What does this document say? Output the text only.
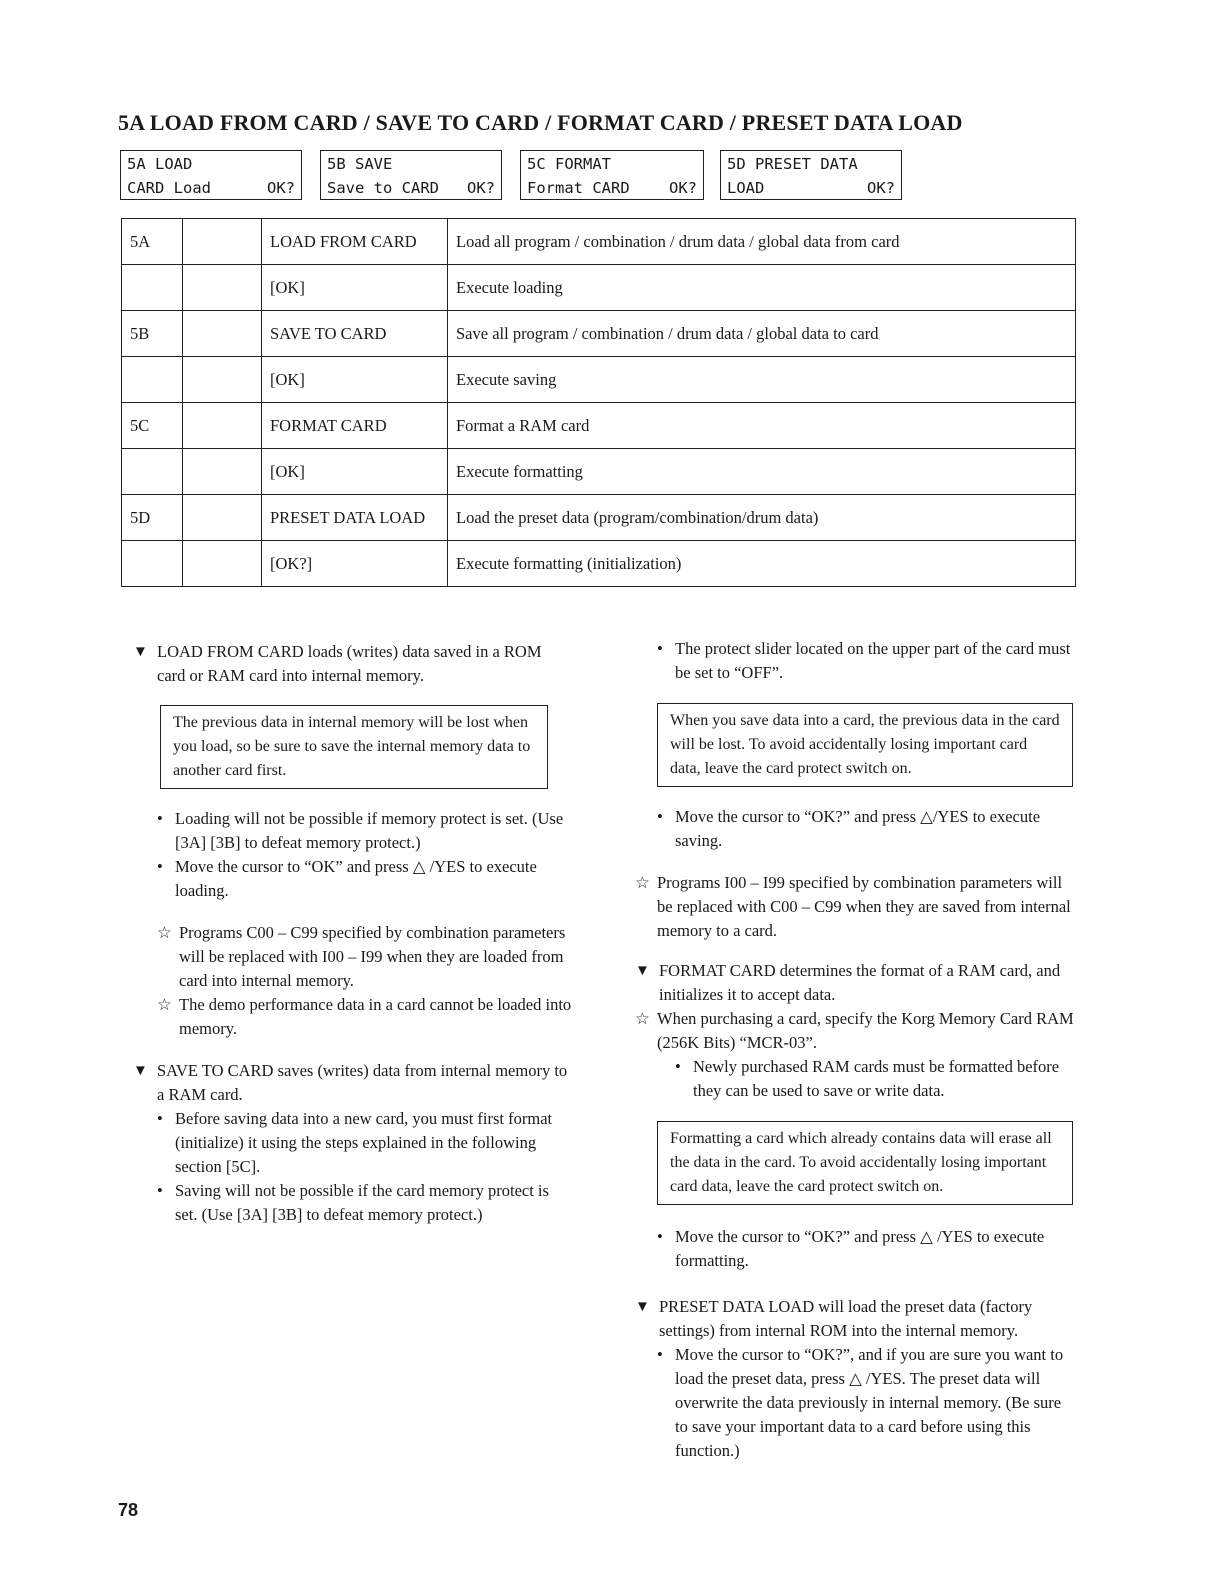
5A LOAD FROM CARD / SAVE TO CARD / FORMAT CARD / PRESET DATA LOAD
5A LOAD
CARD Load	OK?
5B SAVE
Save to CARD OK?
5C FORMAT
Format CARD	OK?
5D PRESET DATA
LOAD	OK?
5A		LOAD FROM CARD	Load all program / combination / drum data / global data from card
		[OK]	Execute loading
5B		SAVE TO CARD	Save all program / combination / drum data / global data to card
		[OK]	Execute saving
5C		FORMAT CARD	Format a RAM card
		[OK]	Execute formatting
5D		PRESET DATA LOAD	Load the preset data (program/combination/drum data)
		[OK?]	Execute formatting (initialization)
▼ LOAD FROM CARD loads (writes) data saved in a ROM card or RAM card into internal memory.

The previous data in internal memory will be lost when you load, so be sure to save the internal memory data to another card first.

• Loading will not be possible if memory protect is set. (Use [3A] [3B] to defeat memory protect.)

• Move the cursor to “OK” and press △ /YES to execute loading.

☆ Programs C00 – C99 specified by combination parameters will be replaced with I00 – I99 when they are loaded from card into internal memory.

☆ The demo performance data in a card cannot be loaded into memory.

▼ SAVE TO CARD saves (writes) data from internal memory to a RAM card.

• Before saving data into a new card, you must first format (initialize) it using the steps explained in the following section [5C].

• Saving will not be possible if the card memory protect is set. (Use [3A] [3B] to defeat memory protect.)

• The protect slider located on the upper part of the card must be set to “OFF”.

When you save data into a card, the previous data in the card will be lost. To avoid accidentally losing important card data, leave the card protect switch on.

• Move the cursor to “OK?” and press △/YES to execute saving.

☆ Programs I00 – I99 specified by combination parameters will be replaced with C00 – C99 when they are saved from internal memory to a card.

▼ FORMAT CARD determines the format of a RAM card, and initializes it to accept data.

☆ When purchasing a card, specify the Korg Memory Card RAM (256K Bits) “MCR-03”.

• Newly purchased RAM cards must be formatted before they can be used to save or write data.

Formatting a card which already contains data will erase all the data in the card. To avoid accidentally losing important card data, leave the card protect switch on.

• Move the cursor to “OK?” and press △ /YES to execute formatting.

▼ PRESET DATA LOAD will load the preset data (factory settings) from internal ROM into the internal memory.

• Move the cursor to “OK?”, and if you are sure you want to load the preset data, press △ /YES. The preset data will overwrite the data previously in internal memory. (Be sure to save your important data to a card before using this function.)

78
